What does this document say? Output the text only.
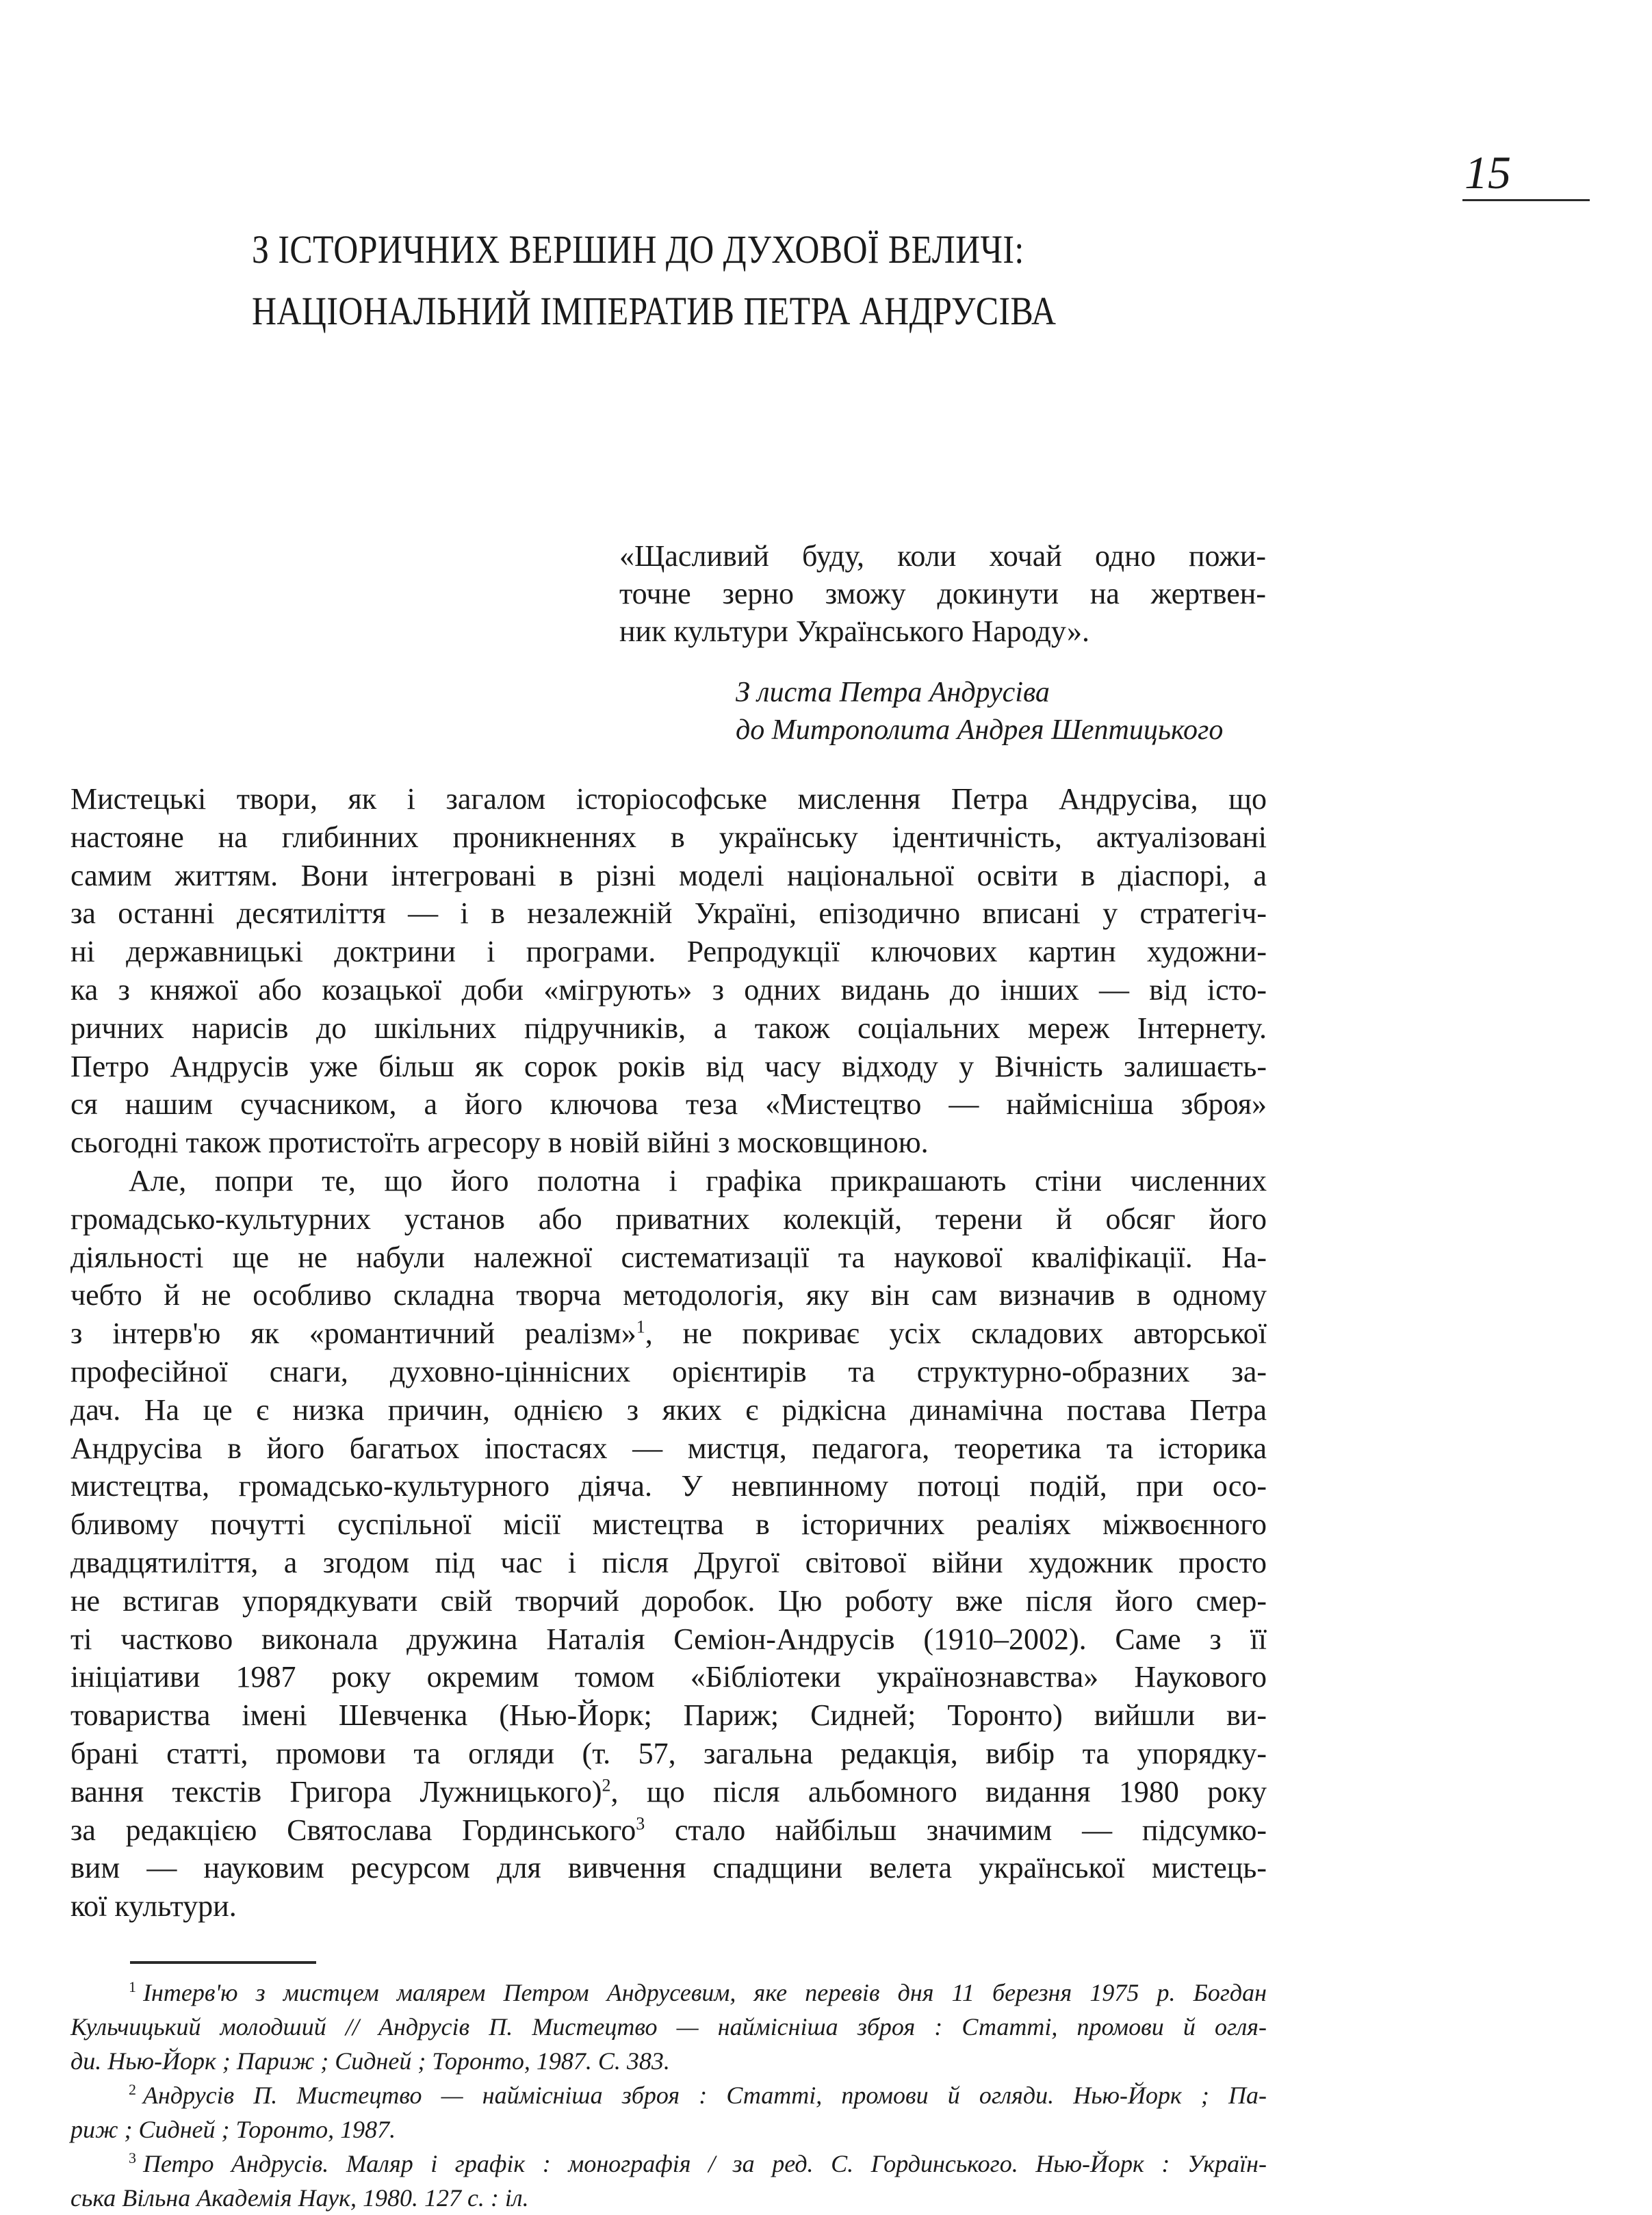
15
З ІСТОРИЧНИХ ВЕРШИН ДО ДУХОВОЇ ВЕЛИЧІ:
НАЦІОНАЛЬНИЙ ІМПЕРАТИВ ПЕТРА АНДРУСІВА
«Щасливий буду, коли хочай одно пожи-
точне зерно зможу докинути на жертвен-
ник культури Українського Народу».
З листа Петра Андрусіва
до Митрополита Андрея Шептицького
Мистецькі твори, як і загалом історіософське мислення Петра Андрусіва, що
настояне на глибинних проникненнях в українську ідентичність, актуалізовані
самим життям. Вони інтегровані в різні моделі національної освіти в діаспорі, а
за останні десятиліття — і в незалежній Україні, епізодично вписані у стратегіч-
ні державницькі доктрини і програми. Репродукції ключових картин художни-
ка з княжої або козацької доби «мігрують» з одних видань до інших — від істо-
ричних нарисів до шкільних підручників, а також соціальних мереж Інтернету.
Петро Андрусів уже більш як сорок років від часу відходу у Вічність залишаєть-
ся нашим сучасником, а його ключова теза «Мистецтво — наймісніша зброя»
сьогодні також протистоїть агресору в новій війні з московщиною.
Але, попри те, що його полотна і графіка прикрашають стіни численних
громадсько-культурних установ або приватних колекцій, терени й обсяг його
діяльності ще не набули належної систематизації та наукової кваліфікації. На-
чебто й не особливо складна творча методологія, яку він сам визначив в одному
з інтерв'ю як «романтичний реалізм»$^1$, не покриває усіх складових авторської
професійної снаги, духовно-ціннісних орієнтирів та структурно-образних за-
дач. На це є низка причин, однією з яких є рідкісна динамічна постава Петра
Андрусіва в його багатьох іпостасях — мистця, педагога, теоретика та історика
мистецтва, громадсько-культурного діяча. У невпинному потоці подій, при осо-
бливому почутті суспільної місії мистецтва в історичних реаліях міжвоєнного
двадцятиліття, а згодом під час і після Другої світової війни художник просто
не встигав упорядкувати свій творчий доробок. Цю роботу вже після його смер-
ті частково виконала дружина Наталія Семіон-Андрусів (1910–2002). Саме з її
ініціативи 1987 року окремим томом «Бібліотеки українознавства» Наукового
товариства імені Шевченка (Нью-Йорк; Париж; Сидней; Торонто) вийшли ви-
брані статті, промови та огляди (т. 57, загальна редакція, вибір та упорядку-
вання текстів Григора Лужницького)$^2$, що після альбомного видання 1980 року
за редакцією Святослава Гординського$^3$ стало найбільш значимим — підсумко-
вим — науковим ресурсом для вивчення спадщини велета української мистець-
кої культури.
$^1$ Інтерв'ю з мистцем малярем Петром Андрусевим, яке перевів дня 11 березня 1975 р. Богдан
Кульчицький молодший // Андрусів П. Мистецтво — наймісніша зброя : Статті, промови й огля-
ди. Нью-Йорк ; Париж ; Сидней ; Торонто, 1987. С. 383.
$^2$ Андрусів П. Мистецтво — наймісніша зброя : Статті, промови й огляди. Нью-Йорк ; Па-
риж ; Сидней ; Торонто, 1987.
$^3$ Петро Андрусів. Маляр і графік : монографія / за ред. С. Гординського. Нью-Йорк : Україн-
ська Вільна Академія Наук, 1980. 127 с. : іл.
